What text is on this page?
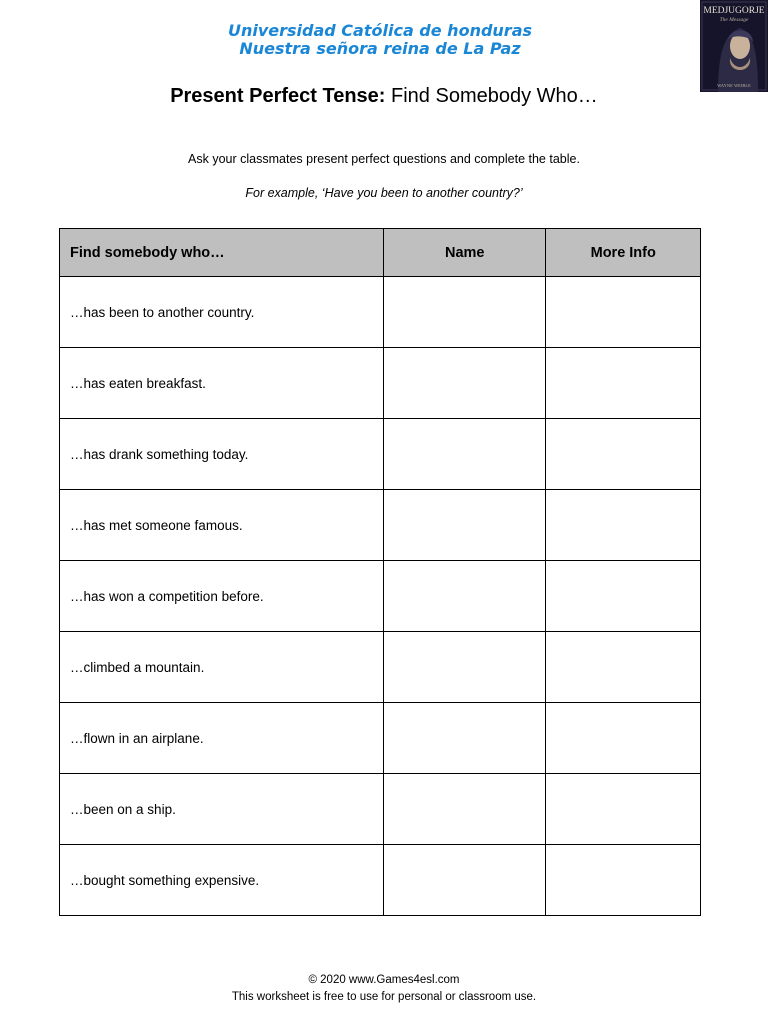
Universidad Católica de honduras
Nuestra señora reina de La Paz
MEDJUGORJE
The Message
WAYNE WEIBLE
Present Perfect Tense: Find Somebody Who…
Ask your classmates present perfect questions and complete the table.
For example, ‘Have you been to another country?’
Find somebody who…	Name	More Info
…has been to another country.		
…has eaten breakfast.		
…has drank something today.		
…has met someone famous.		
…has won a competition before.		
…climbed a mountain.		
…flown in an airplane.		
…been on a ship.		
…bought something expensive.		
© 2020 www.Games4esl.com
This worksheet is free to use for personal or classroom use.
